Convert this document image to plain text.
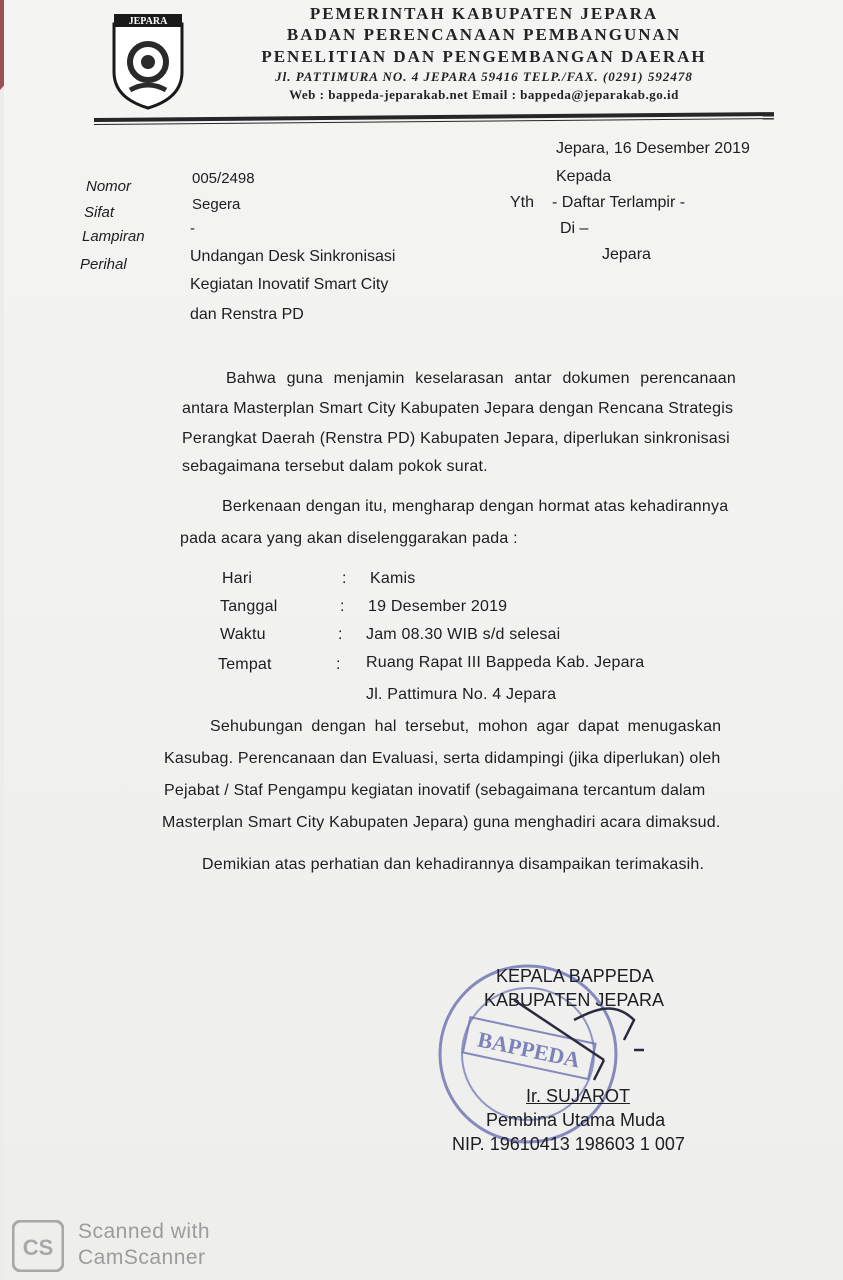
JEPARA	PEMERINTAH KABUPATEN JEPARA
BADAN PERENCANAAN PEMBANGUNAN
PENELITIAN DAN PENGEMBANGAN DAERAH
Jl. PATTIMURA NO. 4 JEPARA 59416 TELP./FAX. (0291) 592478
Web : bappeda-jeparakab.net Email : bappeda@jeparakab.go.id
Jepara, 16 Desember 2019
Kepada
Yth - Daftar Terlampir -
Di –
Jepara
Nomor	005/2498
Sifat	Segera
Lampiran	-
Perihal	Undangan Desk Sinkronisasi
Kegiatan Inovatif Smart City
dan Renstra PD
Bahwa guna menjamin keselarasan antar dokumen perencanaan
antara Masterplan Smart City Kabupaten Jepara dengan Rencana Strategis
Perangkat Daerah (Renstra PD) Kabupaten Jepara, diperlukan sinkronisasi
sebagaimana tersebut dalam pokok surat.
Berkenaan dengan itu, mengharap dengan hormat atas kehadirannya
pada acara yang akan diselenggarakan pada :
Hari	: Kamis
Tanggal	: 19 Desember 2019
Waktu	: Jam 08.30 WIB s/d selesai
Tempat	: Ruang Rapat III Bappeda Kab. Jepara
Jl. Pattimura No. 4 Jepara
Sehubungan dengan hal tersebut, mohon agar dapat menugaskan
Kasubag. Perencanaan dan Evaluasi, serta didampingi (jika diperlukan) oleh
Pejabat / Staf Pengampu kegiatan inovatif (sebagaimana tercantum dalam
Masterplan Smart City Kabupaten Jepara) guna menghadiri acara dimaksud.
Demikian atas perhatian dan kehadirannya disampaikan terimakasih.
BAPPEDA
KEPALA BAPPEDA
KABUPATEN JEPARA
Ir. SUJAROT
Pembina Utama Muda
NIP. 19610413 198603 1 007
CS
Scanned with
CamScanner
